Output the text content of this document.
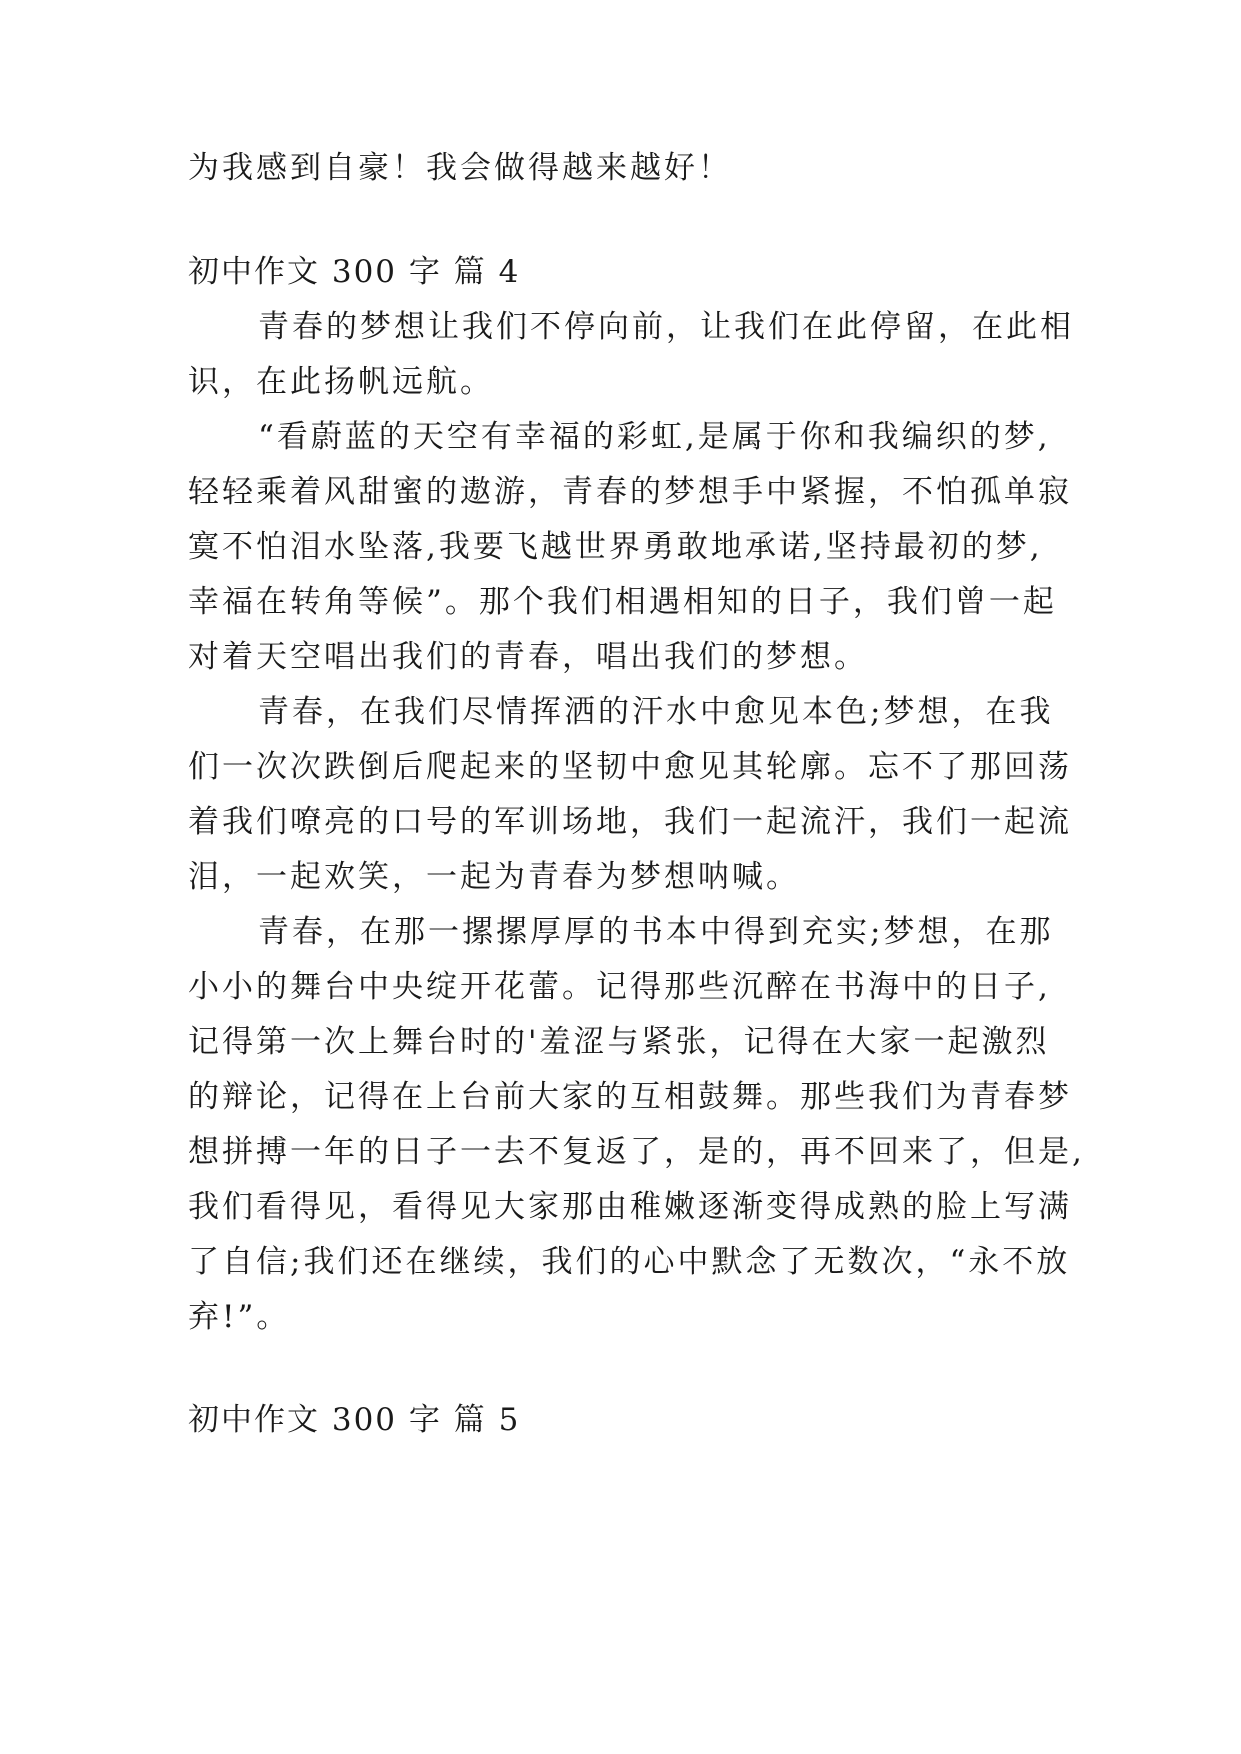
为我感到自豪！我会做得越来越好！
初中作文 300 字 篇 4
青春的梦想让我们不停向前，让我们在此停留，在此相
识，在此扬帆远航。
“看蔚蓝的天空有幸福的彩虹,是属于你和我编织的梦,
轻轻乘着风甜蜜的遨游，青春的梦想手中紧握，不怕孤单寂
寞不怕泪水坠落,我要飞越世界勇敢地承诺,坚持最初的梦,
幸福在转角等候”。那个我们相遇相知的日子，我们曾一起
对着天空唱出我们的青春，唱出我们的梦想。
青春，在我们尽情挥洒的汗水中愈见本色;梦想，在我
们一次次跌倒后爬起来的坚韧中愈见其轮廓。忘不了那回荡
着我们嘹亮的口号的军训场地，我们一起流汗，我们一起流
泪，一起欢笑，一起为青春为梦想呐喊。
青春，在那一摞摞厚厚的书本中得到充实;梦想，在那
小小的舞台中央绽开花蕾。记得那些沉醉在书海中的日子,
记得第一次上舞台时的'羞涩与紧张，记得在大家一起激烈
的辩论，记得在上台前大家的互相鼓舞。那些我们为青春梦
想拼搏一年的日子一去不复返了，是的，再不回来了，但是,
我们看得见，看得见大家那由稚嫩逐渐变得成熟的脸上写满
了自信;我们还在继续，我们的心中默念了无数次，“永不放
弃!”。
初中作文 300 字 篇 5
